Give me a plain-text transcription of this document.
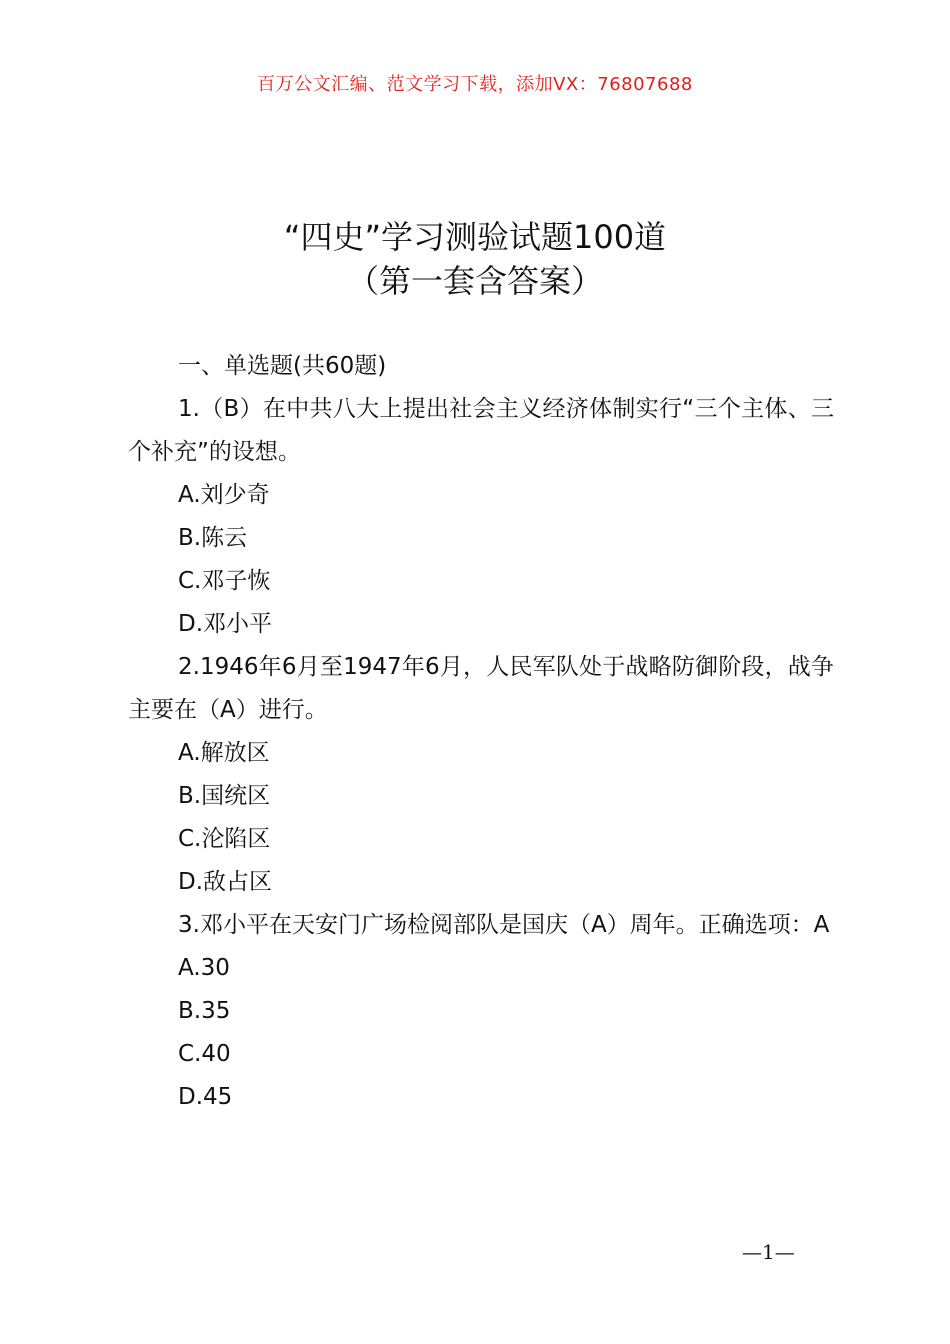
百万公文汇编、范文学习下载，添加VX：76807688
“四史”学习测验试题100道
（第一套含答案）

一、单选题(共60题)

1.（B）在中共八大上提出社会主义经济体制实行“三个主体、三个补充”的设想。

A.刘少奇

B.陈云

C.邓子恢

D.邓小平

2.1946年6月至1947年6月，人民军队处于战略防御阶段，战争主要在（A）进行。

A.解放区

B.国统区

C.沦陷区

D.敌占区

3.邓小平在天安门广场检阅部队是国庆（A）周年。正确选项：A

A.30

B.35

C.40

D.45

—1—
